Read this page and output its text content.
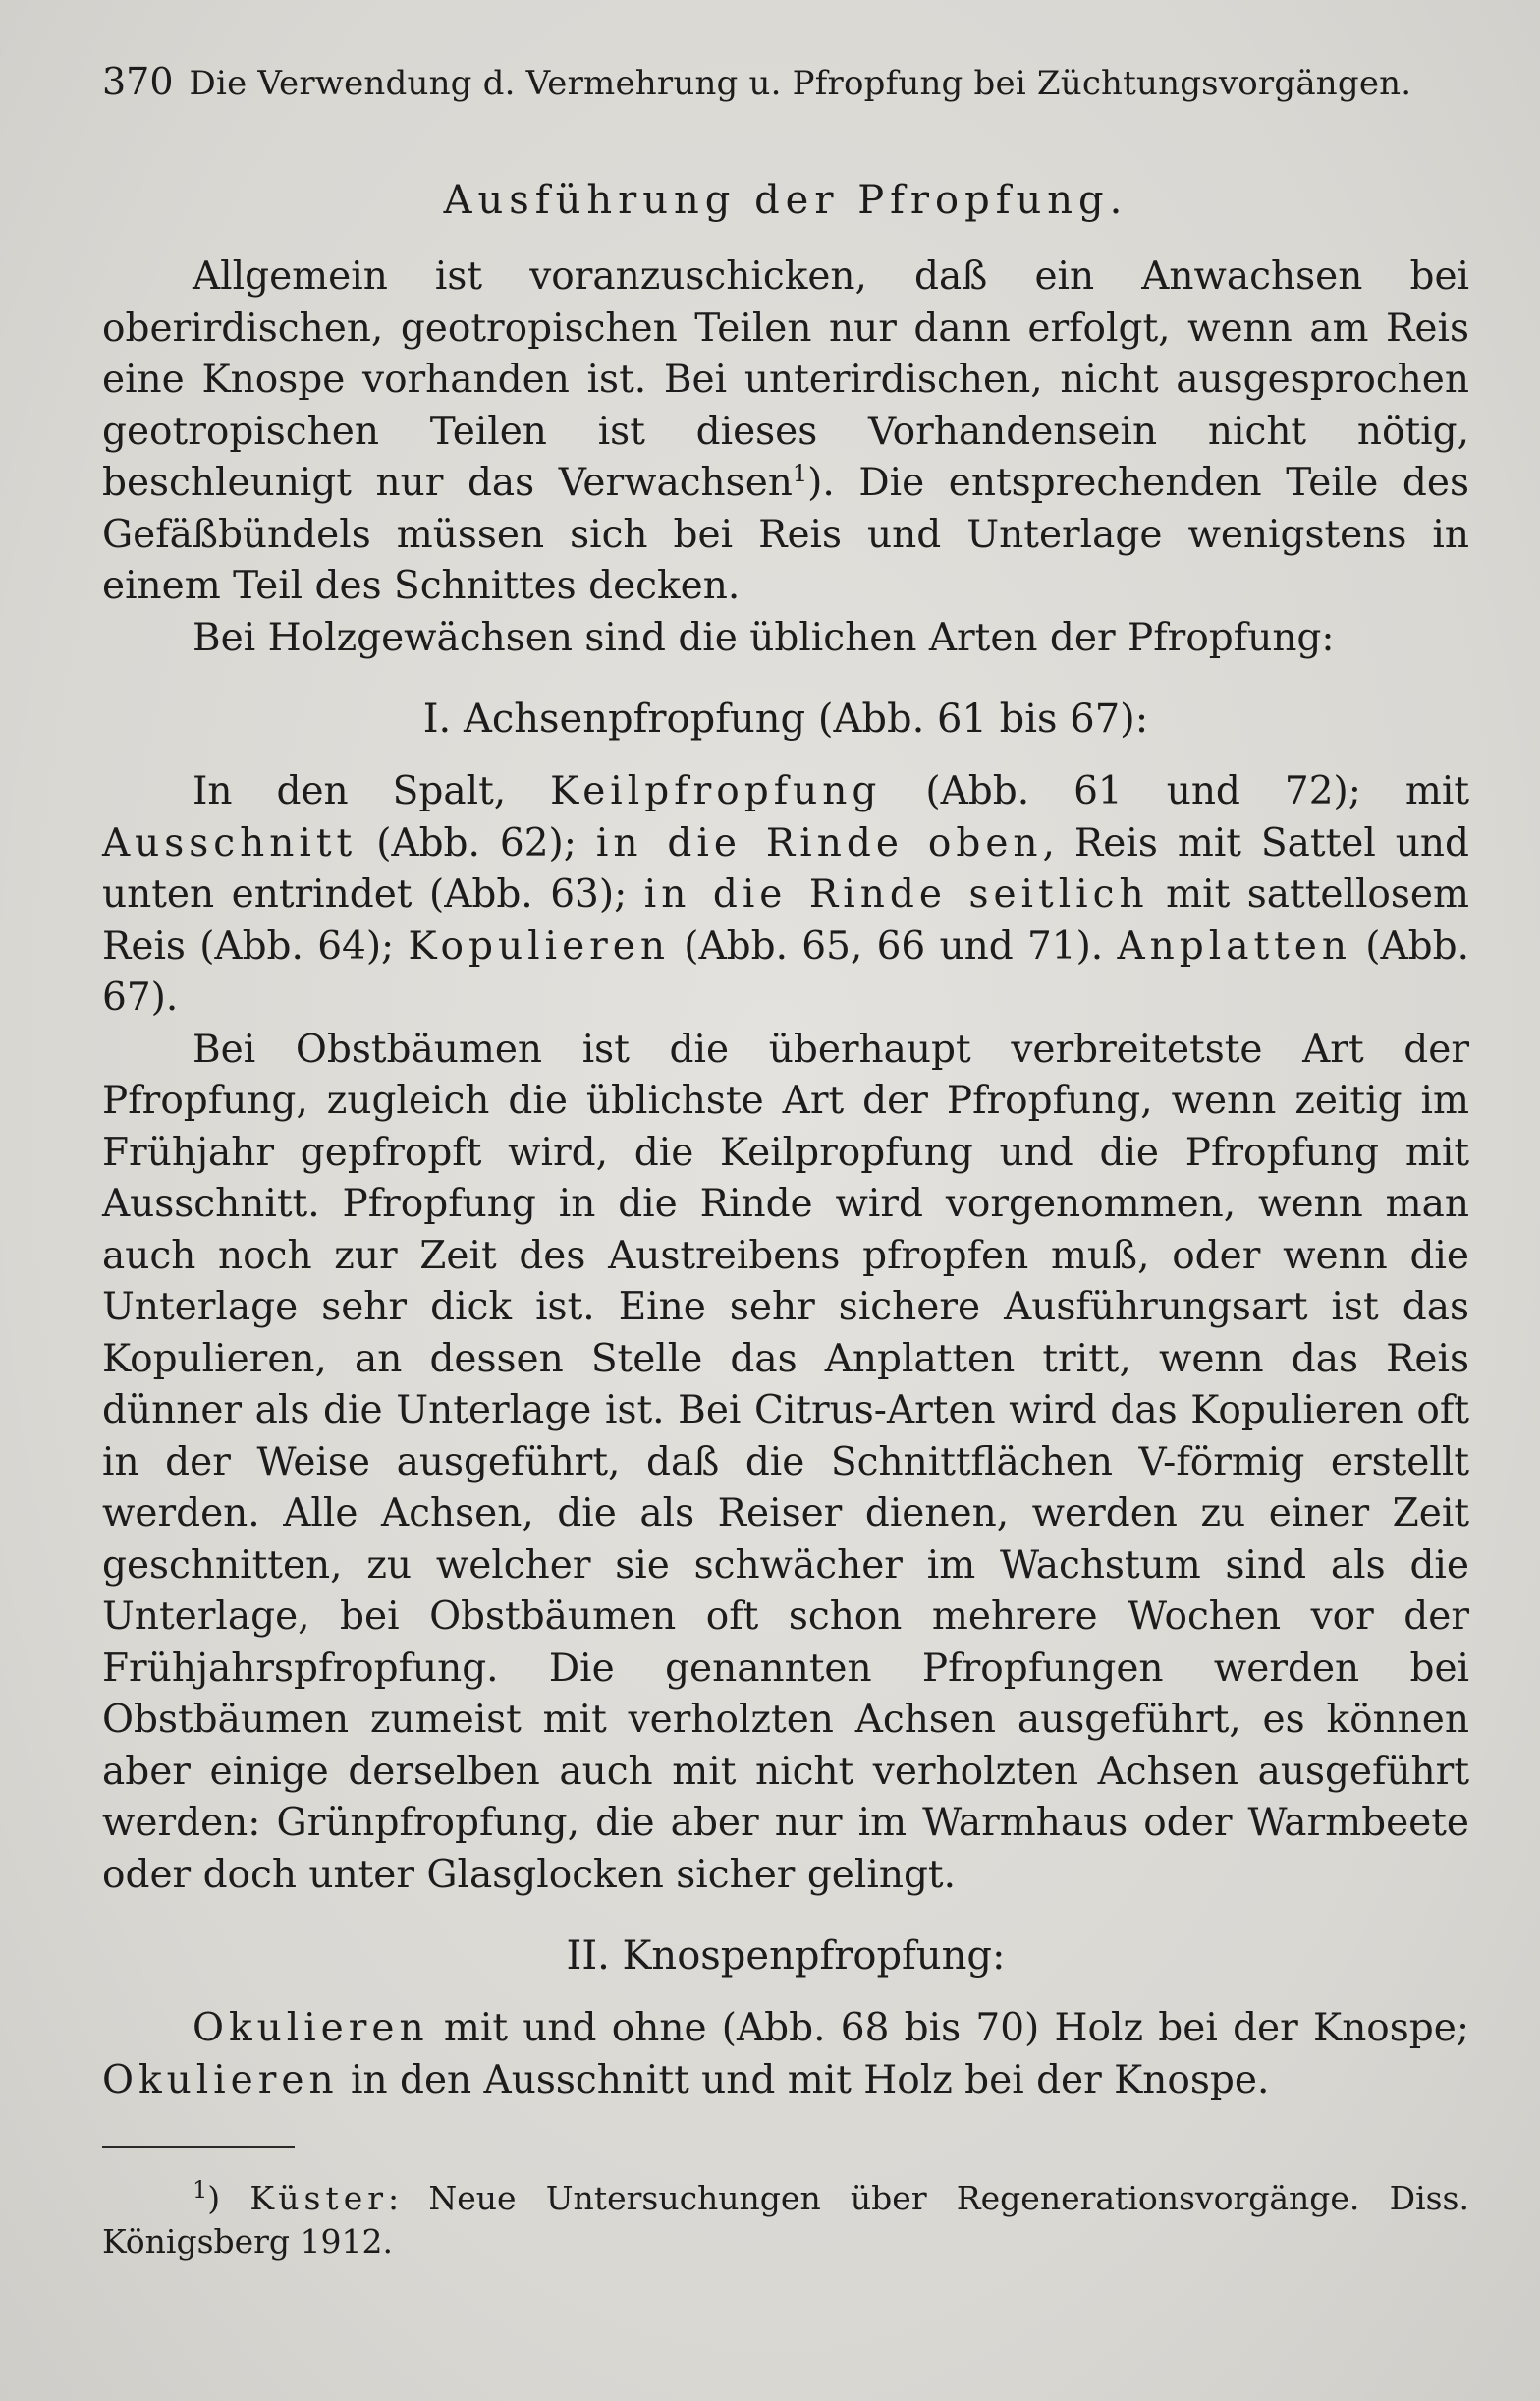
370 Die Verwendung d. Vermehrung u. Pfropfung bei Züchtungsvorgängen.
Ausführung der Pfropfung.

Allgemein ist voranzuschicken, daß ein Anwachsen bei oberirdischen, geotropischen Teilen nur dann erfolgt, wenn am Reis eine Knospe vorhanden ist. Bei unterirdischen, nicht ausgesprochen geotropischen Teilen ist dieses Vorhandensein nicht nötig, beschleunigt nur das Verwachsen$^1$). Die entsprechenden Teile des Gefäßbündels müssen sich bei Reis und Unterlage wenigstens in einem Teil des Schnittes decken.

Bei Holzgewächsen sind die üblichen Arten der Pfropfung:

I. Achsenpfropfung (Abb. 61 bis 67):

In den Spalt, Keilpfropfung (Abb. 61 und 72); mit Ausschnitt (Abb. 62); in die Rinde oben, Reis mit Sattel und unten entrindet (Abb. 63); in die Rinde seitlich mit sattellosem Reis (Abb. 64); Kopulieren (Abb. 65, 66 und 71). Anplatten (Abb. 67).

Bei Obstbäumen ist die überhaupt verbreitetste Art der Pfropfung, zugleich die üblichste Art der Pfropfung, wenn zeitig im Frühjahr gepfropft wird, die Keilpropfung und die Pfropfung mit Ausschnitt. Pfropfung in die Rinde wird vorgenommen, wenn man auch noch zur Zeit des Austreibens pfropfen muß, oder wenn die Unterlage sehr dick ist. Eine sehr sichere Ausführungsart ist das Kopulieren, an dessen Stelle das Anplatten tritt, wenn das Reis dünner als die Unterlage ist. Bei Citrus-Arten wird das Kopulieren oft in der Weise ausgeführt, daß die Schnittflächen V-förmig erstellt werden. Alle Achsen, die als Reiser dienen, werden zu einer Zeit geschnitten, zu welcher sie schwächer im Wachstum sind als die Unterlage, bei Obstbäumen oft schon mehrere Wochen vor der Frühjahrspfropfung. Die genannten Pfropfungen werden bei Obstbäumen zumeist mit verholzten Achsen ausgeführt, es können aber einige derselben auch mit nicht verholzten Achsen ausgeführt werden: Grünpfropfung, die aber nur im Warmhaus oder Warmbeete oder doch unter Glasglocken sicher gelingt.

II. Knospenpfropfung:

Okulieren mit und ohne (Abb. 68 bis 70) Holz bei der Knospe; Okulieren in den Ausschnitt und mit Holz bei der Knospe.

$^1$) Küster: Neue Untersuchungen über Regenerationsvorgänge. Diss. Königsberg 1912.
